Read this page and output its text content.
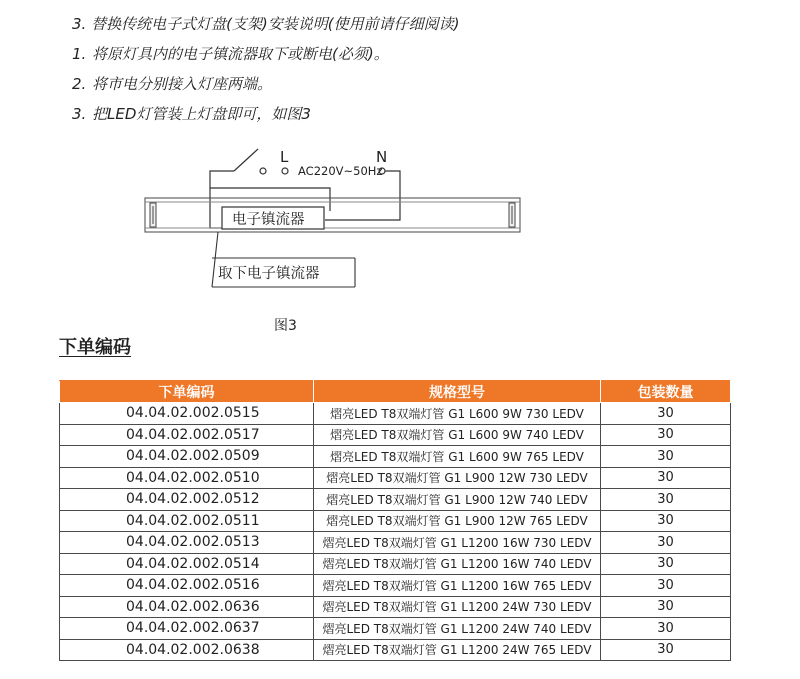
3. 替换传统电子式灯盘(支架)安装说明(使用前请仔细阅读)

1. 将原灯具内的电子镇流器取下或断电(必须)。
2. 将市电分别接入灯座两端。
3. 把LED灯管装上灯盘即可，如图3
L	N
AC220V~50Hz
电子镇流器
取下电子镇流器
图3
下单编码
下单编码	规格型号	包装数量
04.04.02.002.0515	熠亮LED T8双端灯管 G1 L600 9W 730 LEDV	30
04.04.02.002.0517	熠亮LED T8双端灯管 G1 L600 9W 740 LEDV	30
04.04.02.002.0509	熠亮LED T8双端灯管 G1 L600 9W 765 LEDV	30
04.04.02.002.0510	熠亮LED T8双端灯管 G1 L900 12W 730 LEDV	30
04.04.02.002.0512	熠亮LED T8双端灯管 G1 L900 12W 740 LEDV	30
04.04.02.002.0511	熠亮LED T8双端灯管 G1 L900 12W 765 LEDV	30
04.04.02.002.0513	熠亮LED T8双端灯管 G1 L1200 16W 730 LEDV	30
04.04.02.002.0514	熠亮LED T8双端灯管 G1 L1200 16W 740 LEDV	30
04.04.02.002.0516	熠亮LED T8双端灯管 G1 L1200 16W 765 LEDV	30
04.04.02.002.0636	熠亮LED T8双端灯管 G1 L1200 24W 730 LEDV	30
04.04.02.002.0637	熠亮LED T8双端灯管 G1 L1200 24W 740 LEDV	30
04.04.02.002.0638	熠亮LED T8双端灯管 G1 L1200 24W 765 LEDV	30
